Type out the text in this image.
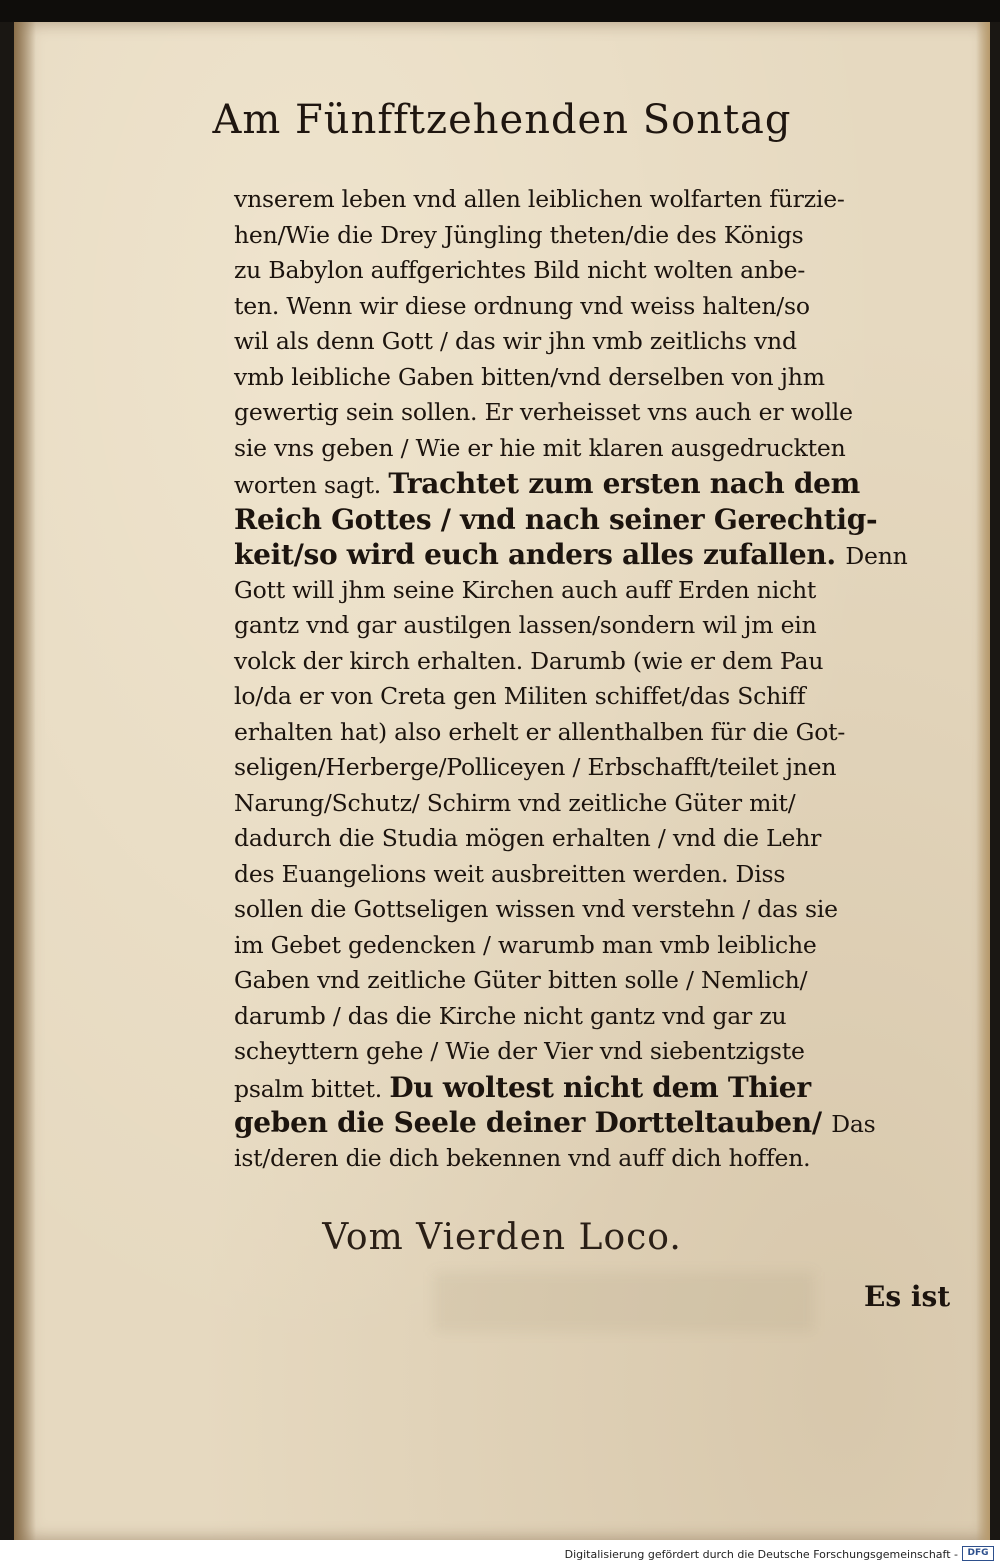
Am Fünfftzehenden Sontag
vnserem leben vnd allen leiblichen wolfarten fürzie-
hen/Wie die Drey Jüngling theten/die des Königs
zu Babylon auffgerichtes Bild nicht wolten anbe-
ten. Wenn wir diese ordnung vnd weiss halten/so
wil als denn Gott / das wir jhn vmb zeitlichs vnd
vmb leibliche Gaben bitten/vnd derselben von jhm
gewertig sein sollen. Er verheisset vns auch er wolle
sie vns geben / Wie er hie mit klaren ausgedruckten
worten sagt. Trachtet zum ersten nach dem
Reich Gottes / vnd nach seiner Gerechtig-
keit/so wird euch anders alles zufallen. Denn
Gott will jhm seine Kirchen auch auff Erden nicht
gantz vnd gar austilgen lassen/sondern wil jm ein
volck der kirch erhalten. Darumb (wie er dem Pau
lo/da er von Creta gen Militen schiffet/das Schiff
erhalten hat) also erhelt er allenthalben für die Got-
seligen/Herberge/Polliceyen / Erbschafft/teilet jnen
Narung/Schutz/ Schirm vnd zeitliche Güter mit/
dadurch die Studia mögen erhalten / vnd die Lehr
des Euangelions weit ausbreitten werden. Diss
sollen die Gottseligen wissen vnd verstehn / das sie
im Gebet gedencken / warumb man vmb leibliche
Gaben vnd zeitliche Güter bitten solle / Nemlich/
darumb / das die Kirche nicht gantz vnd gar zu
scheyttern gehe / Wie der Vier vnd siebentzigste
psalm bittet. Du woltest nicht dem Thier
geben die Seele deiner Dortteltauben/ Das
ist/deren die dich bekennen vnd auff dich hoffen.
Vom Vierden Loco.
Es ist
Digitalisierung gefördert durch die Deutsche Forschungsgemeinschaft -	DFG
